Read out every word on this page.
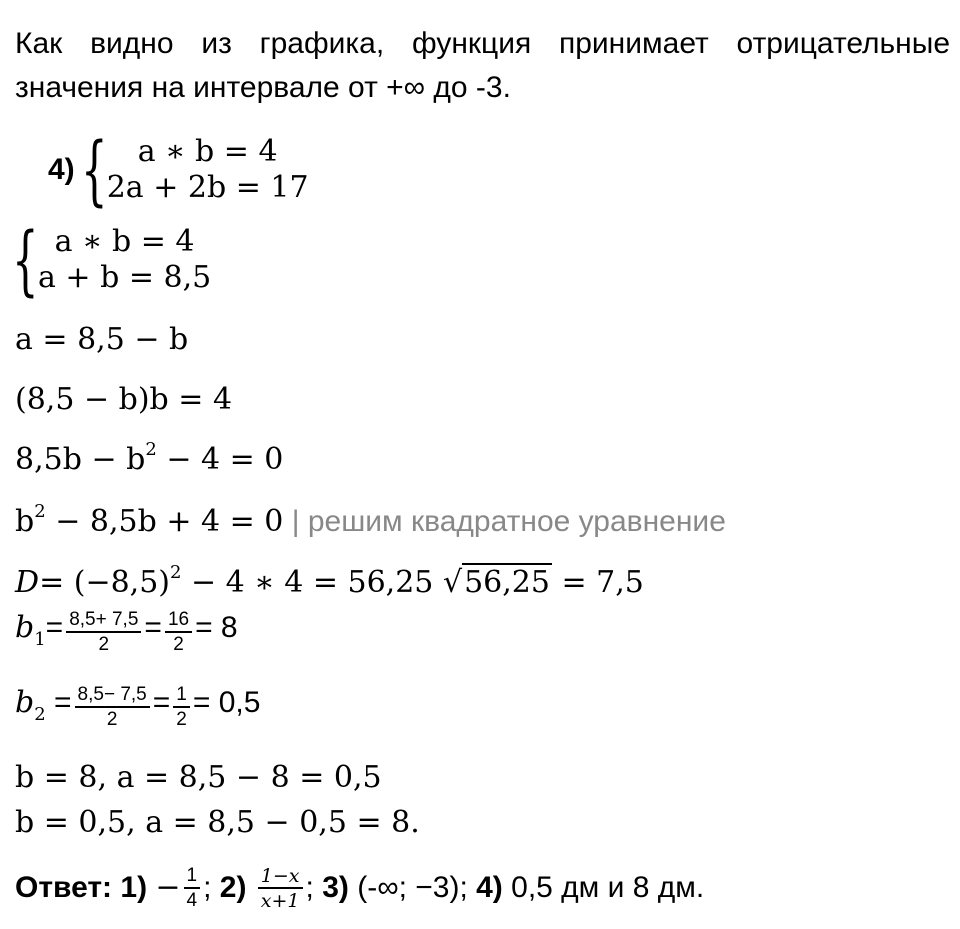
Как видно из графика, функция принимает отрицательные
значения на интервале от +∞ до -3.
4) { a ∗ b = 4
2a + 2b = 17
{ a ∗ b = 4
a + b = 8,5
a = 8,5 − b
(8,5 − b)b = 4
$8,5b - b^2 - 4 = 0$
$b^2 - 8,5b + 4 = 0$ | решим квадратное уравнение
$D= (-8,5)^2 - 4$ ∗ 4 = 56,25 √56,25 = 7,5
$b_1= \frac{8,5+ 7,5}{2} = \frac{16}{2} = 8$
$b_2 = \frac{8,5- 7,5}{2} = \frac{1}{2} = 0,5$
b = 8, a = 8,5 − 8 = 0,5
b = 0,5, a = 8,5 − 0,5 = 8.
Ответ: $1) - \frac{1}{4}$ ; $2) \frac{1-x}{x+1}$ ; 3) (-∞; −3); 4) 0,5 дм и 8 дм.
